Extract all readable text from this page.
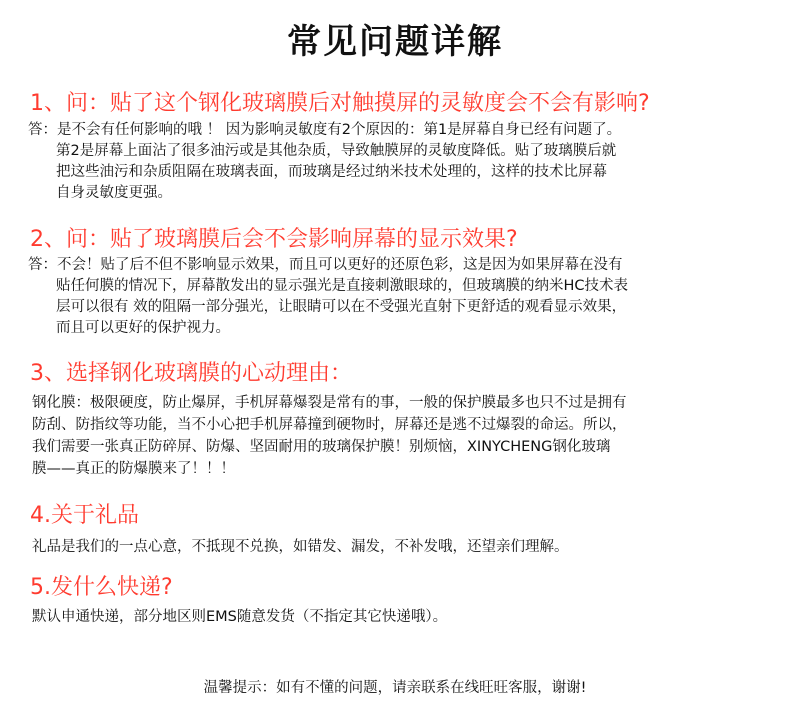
常见问题详解
1、问：贴了这个钢化玻璃膜后对触摸屏的灵敏度会不会有影响?
答：是不会有任何影响的哦 ！ 因为影响灵敏度有2个原因的：第1是屏幕自身已经有问题了。
第2是屏幕上面沾了很多油污或是其他杂质，导致触膜屏的灵敏度降低。贴了玻璃膜后就
把这些油污和杂质阻隔在玻璃表面，而玻璃是经过纳米技术处理的，这样的技术比屏幕
自身灵敏度更强。
2、问：贴了玻璃膜后会不会影响屏幕的显示效果?
答：不会！贴了后不但不影响显示效果，而且可以更好的还原色彩，这是因为如果屏幕在没有
贴任何膜的情况下，屏幕散发出的显示强光是直接刺激眼球的，但玻璃膜的纳米HC技术表
层可以很有 效的阻隔一部分强光，让眼睛可以在不受强光直射下更舒适的观看显示效果，
而且可以更好的保护视力。
3、选择钢化玻璃膜的心动理由：
钢化膜：极限硬度，防止爆屏，手机屏幕爆裂是常有的事，一般的保护膜最多也只不过是拥有
防刮、防指纹等功能，当不小心把手机屏幕撞到硬物时，屏幕还是逃不过爆裂的命运。所以，
我们需要一张真正防碎屏、防爆、坚固耐用的玻璃保护膜！别烦恼，XINYCHENG钢化玻璃
膜——真正的防爆膜来了！！！
4.关于礼品
礼品是我们的一点心意，不抵现不兑换，如错发、漏发，不补发哦，还望亲们理解。
5.发什么快递?
默认申通快递，部分地区则EMS随意发货（不指定其它快递哦）。
温馨提示：如有不懂的问题，请亲联系在线旺旺客服，谢谢!
